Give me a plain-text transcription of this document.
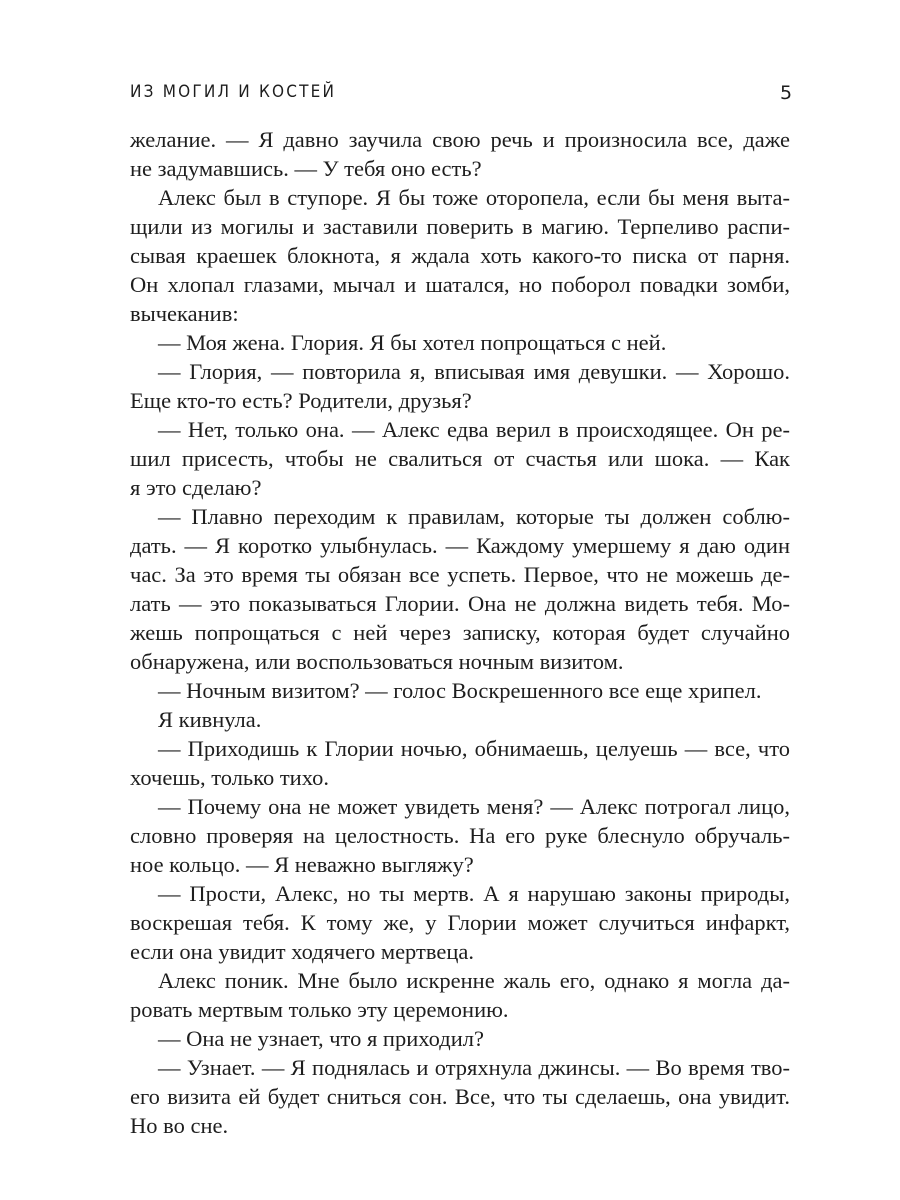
ИЗ МОГИЛ И КОСТЕЙ	5
желание. — Я давно заучила свою речь и произносила все, даже
не задумавшись. — У тебя оно есть?
Алекс был в ступоре. Я бы тоже оторопела, если бы меня выта-
щили из могилы и заставили поверить в магию. Терпеливо распи-
сывая краешек блокнота, я ждала хоть какого-то писка от парня.
Он хлопал глазами, мычал и шатался, но поборол повадки зомби,
вычеканив:
— Моя жена. Глория. Я бы хотел попрощаться с ней.
— Глория, — повторила я, вписывая имя девушки. — Хорошо.
Еще кто-то есть? Родители, друзья?
— Нет, только она. — Алекс едва верил в происходящее. Он ре-
шил присесть, чтобы не свалиться от счастья или шока. — Как
я это сделаю?
— Плавно переходим к правилам, которые ты должен соблю-
дать. — Я коротко улыбнулась. — Каждому умершему я даю один
час. За это время ты обязан все успеть. Первое, что не можешь де-
лать — это показываться Глории. Она не должна видеть тебя. Мо-
жешь попрощаться с ней через записку, которая будет случайно
обнаружена, или воспользоваться ночным визитом.
— Ночным визитом? — голос Воскрешенного все еще хрипел.
Я кивнула.
— Приходишь к Глории ночью, обнимаешь, целуешь — все, что
хочешь, только тихо.
— Почему она не может увидеть меня? — Алекс потрогал лицо,
словно проверяя на целостность. На его руке блеснуло обручаль-
ное кольцо. — Я неважно выгляжу?
— Прости, Алекс, но ты мертв. А я нарушаю законы природы,
воскрешая тебя. К тому же, у Глории может случиться инфаркт,
если она увидит ходячего мертвеца.
Алекс поник. Мне было искренне жаль его, однако я могла да-
ровать мертвым только эту церемонию.
— Она не узнает, что я приходил?
— Узнает. — Я поднялась и отряхнула джинсы. — Во время тво-
его визита ей будет сниться сон. Все, что ты сделаешь, она увидит.
Но во сне.
